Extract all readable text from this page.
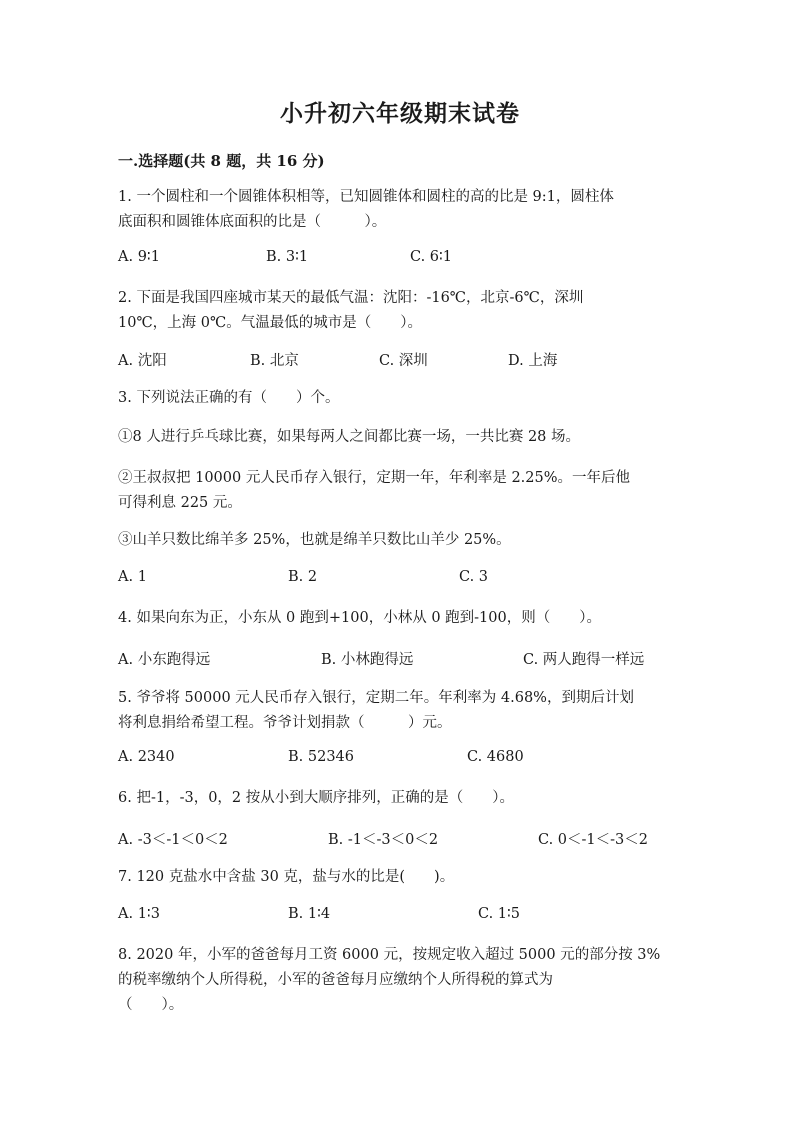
小升初六年级期末试卷
一.选择题(共 8 题，共 16 分)
1. 一个圆柱和一个圆锥体积相等，已知圆锥体和圆柱的高的比是 9:1，圆柱体
底面积和圆锥体底面积的比是（　　　）。
A. 9∶1	B. 3∶1	C. 6∶1
2. 下面是我国四座城市某天的最低气温：沈阳：-16℃，北京-6℃，深圳
10℃，上海 0℃。气温最低的城市是（　　）。
A. 沈阳	B. 北京	C. 深圳	D. 上海
3. 下列说法正确的有（　　）个。
①8 人进行乒乓球比赛，如果每两人之间都比赛一场，一共比赛 28 场。
②王叔叔把 10000 元人民币存入银行，定期一年，年利率是 2.25%。一年后他
可得利息 225 元。
③山羊只数比绵羊多 25%，也就是绵羊只数比山羊少 25%。
A. 1	B. 2	C. 3
4. 如果向东为正，小东从 0 跑到+100，小林从 0 跑到-100，则（　　）。
A. 小东跑得远	B. 小林跑得远	C. 两人跑得一样远
5. 爷爷将 50000 元人民币存入银行，定期二年。年利率为 4.68%，到期后计划
将利息捐给希望工程。爷爷计划捐款（　　　）元。
A. 2340	B. 52346	C. 4680
6. 把-1，-3，0，2 按从小到大顺序排列，正确的是（　　）。
A. -3＜-1＜0＜2	B. -1＜-3＜0＜2	C. 0＜-1＜-3＜2
7. 120 克盐水中含盐 30 克，盐与水的比是(　　)。
A. 1∶3	B. 1∶4	C. 1∶5
8. 2020 年，小军的爸爸每月工资 6000 元，按规定收入超过 5000 元的部分按 3%
的税率缴纳个人所得税，小军的爸爸每月应缴纳个人所得税的算式为
（　　）。
